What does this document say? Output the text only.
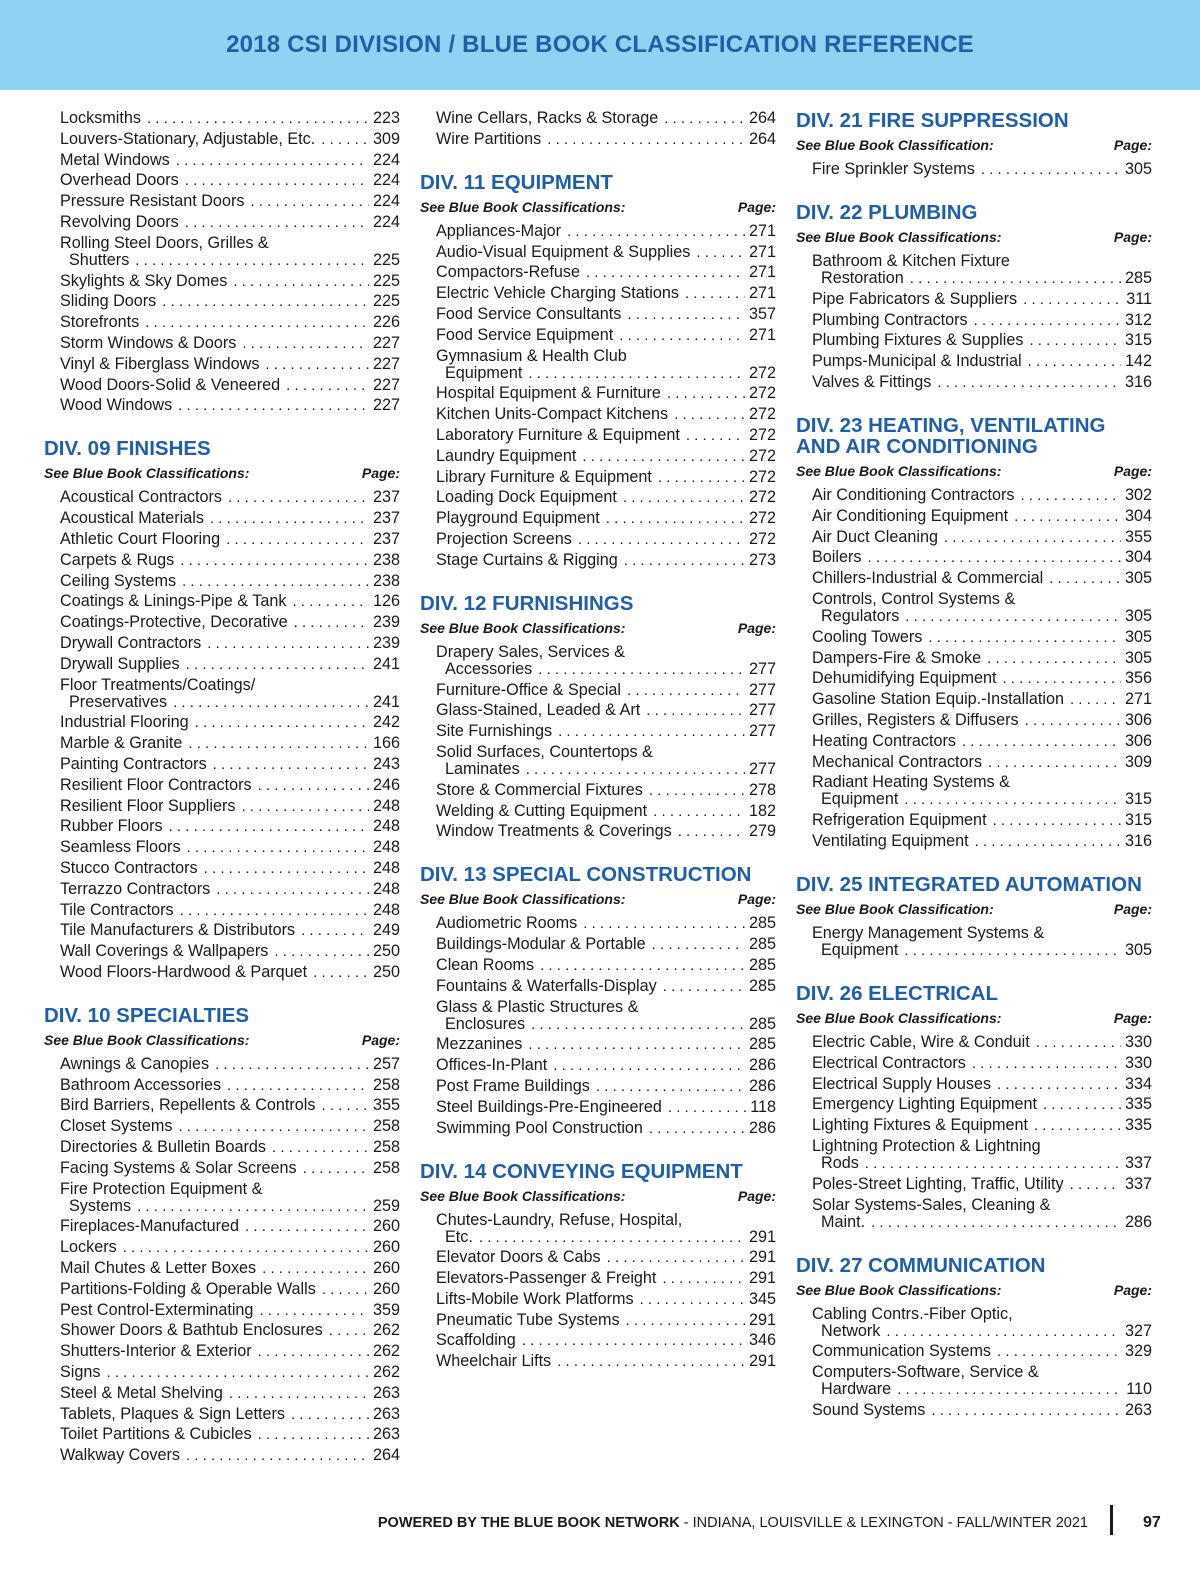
2018 CSI DIVISION / BLUE BOOK CLASSIFICATION REFERENCE
Locksmiths . . .	223
Louvers-Stationary, Adjustable, Etc. . . .	309
Metal Windows . . .	224
Overhead Doors . . .	224
Pressure Resistant Doors . . .	224
Revolving Doors . . .	224
Rolling Steel Doors, Grilles &
Shutters . . .	225
Skylights & Sky Domes . . .	225
Sliding Doors . . .	225
Storefronts . . .	226
Storm Windows & Doors . . .	227
Vinyl & Fiberglass Windows . . .	227
Wood Doors-Solid & Veneered . . .	227
Wood Windows . . .	227
DIV. 09 FINISHES
See Blue Book Classifications:	Page:
Acoustical Contractors . . .	237
Acoustical Materials . . .	237
Athletic Court Flooring . . .	237
Carpets & Rugs . . .	238
Ceiling Systems . . .	238
Coatings & Linings-Pipe & Tank . . .	126
Coatings-Protective, Decorative . . .	239
Drywall Contractors . . .	239
Drywall Supplies . . .	241
Floor Treatments/Coatings/
Preservatives . . .	241
Industrial Flooring . . .	242
Marble & Granite . . .	166
Painting Contractors . . .	243
Resilient Floor Contractors . . .	246
Resilient Floor Suppliers . . .	248
Rubber Floors . . .	248
Seamless Floors . . .	248
Stucco Contractors . . .	248
Terrazzo Contractors . . .	248
Tile Contractors . . .	248
Tile Manufacturers & Distributors . . .	249
Wall Coverings & Wallpapers . . .	250
Wood Floors-Hardwood & Parquet . . .	250
DIV. 10 SPECIALTIES
See Blue Book Classifications:	Page:
Awnings & Canopies . . .	257
Bathroom Accessories . . .	258
Bird Barriers, Repellents & Controls . . .	355
Closet Systems . . .	258
Directories & Bulletin Boards . . .	258
Facing Systems & Solar Screens . . .	258
Fire Protection Equipment &
Systems . . .	259
Fireplaces-Manufactured . . .	260
Lockers . . .	260
Mail Chutes & Letter Boxes . . .	260
Partitions-Folding & Operable Walls . . .	260
Pest Control-Exterminating . . .	359
Shower Doors & Bathtub Enclosures . . .	262
Shutters-Interior & Exterior . . .	262
Signs . . .	262
Steel & Metal Shelving . . .	263
Tablets, Plaques & Sign Letters . . .	263
Toilet Partitions & Cubicles . . .	263
Walkway Covers . . .	264
Wine Cellars, Racks & Storage . . .	264
Wire Partitions . . .	264
DIV. 11 EQUIPMENT
See Blue Book Classifications:	Page:
Appliances-Major . . .	271
Audio-Visual Equipment & Supplies . . .	271
Compactors-Refuse . . .	271
Electric Vehicle Charging Stations . . .	271
Food Service Consultants . . .	357
Food Service Equipment . . .	271
Gymnasium & Health Club
Equipment . . .	272
Hospital Equipment & Furniture . . .	272
Kitchen Units-Compact Kitchens . . .	272
Laboratory Furniture & Equipment . . .	272
Laundry Equipment . . .	272
Library Furniture & Equipment . . .	272
Loading Dock Equipment . . .	272
Playground Equipment . . .	272
Projection Screens . . .	272
Stage Curtains & Rigging . . .	273
DIV. 12 FURNISHINGS
See Blue Book Classifications:	Page:
Drapery Sales, Services &
Accessories . . .	277
Furniture-Office & Special . . .	277
Glass-Stained, Leaded & Art . . .	277
Site Furnishings . . .	277
Solid Surfaces, Countertops &
Laminates . . .	277
Store & Commercial Fixtures . . .	278
Welding & Cutting Equipment . . .	182
Window Treatments & Coverings . . .	279
DIV. 13 SPECIAL CONSTRUCTION
See Blue Book Classifications:	Page:
Audiometric Rooms . . .	285
Buildings-Modular & Portable . . .	285
Clean Rooms . . .	285
Fountains & Waterfalls-Display . . .	285
Glass & Plastic Structures &
Enclosures . . .	285
Mezzanines . . .	285
Offices-In-Plant . . .	286
Post Frame Buildings . . .	286
Steel Buildings-Pre-Engineered . . .	118
Swimming Pool Construction . . .	286
DIV. 14 CONVEYING EQUIPMENT
See Blue Book Classifications:	Page:
Chutes-Laundry, Refuse, Hospital,
Etc. . . .	291
Elevator Doors & Cabs . . .	291
Elevators-Passenger & Freight . . .	291
Lifts-Mobile Work Platforms . . .	345
Pneumatic Tube Systems . . .	291
Scaffolding . . .	346
Wheelchair Lifts . . .	291
DIV. 21 FIRE SUPPRESSION
See Blue Book Classification:	Page:
Fire Sprinkler Systems . . .	305
DIV. 22 PLUMBING
See Blue Book Classifications:	Page:
Bathroom & Kitchen Fixture
Restoration . . .	285
Pipe Fabricators & Suppliers . . .	311
Plumbing Contractors . . .	312
Plumbing Fixtures & Supplies . . .	315
Pumps-Municipal & Industrial . . .	142
Valves & Fittings . . .	316
DIV. 23 HEATING, VENTILATING AND AIR CONDITIONING
See Blue Book Classifications:	Page:
Air Conditioning Contractors . . .	302
Air Conditioning Equipment . . .	304
Air Duct Cleaning . . .	355
Boilers . . .	304
Chillers-Industrial & Commercial . . .	305
Controls, Control Systems &
Regulators . . .	305
Cooling Towers . . .	305
Dampers-Fire & Smoke . . .	305
Dehumidifying Equipment . . .	356
Gasoline Station Equip.-Installation . . .	271
Grilles, Registers & Diffusers . . .	306
Heating Contractors . . .	306
Mechanical Contractors . . .	309
Radiant Heating Systems &
Equipment . . .	315
Refrigeration Equipment . . .	315
Ventilating Equipment . . .	316
DIV. 25 INTEGRATED AUTOMATION
See Blue Book Classification:	Page:
Energy Management Systems &
Equipment . . .	305
DIV. 26 ELECTRICAL
See Blue Book Classifications:	Page:
Electric Cable, Wire & Conduit . . .	330
Electrical Contractors . . .	330
Electrical Supply Houses . . .	334
Emergency Lighting Equipment . . .	335
Lighting Fixtures & Equipment . . .	335
Lightning Protection & Lightning
Rods . . .	337
Poles-Street Lighting, Traffic, Utility . . .	337
Solar Systems-Sales, Cleaning &
Maint. . . .	286
DIV. 27 COMMUNICATION
See Blue Book Classifications:	Page:
Cabling Contrs.-Fiber Optic,
Network . . .	327
Communication Systems . . .	329
Computers-Software, Service &
Hardware . . .	110
Sound Systems . . .	263
POWERED BY THE BLUE BOOK NETWORK - INDIANA, LOUISVILLE & LEXINGTON - FALL/WINTER 2021	97
